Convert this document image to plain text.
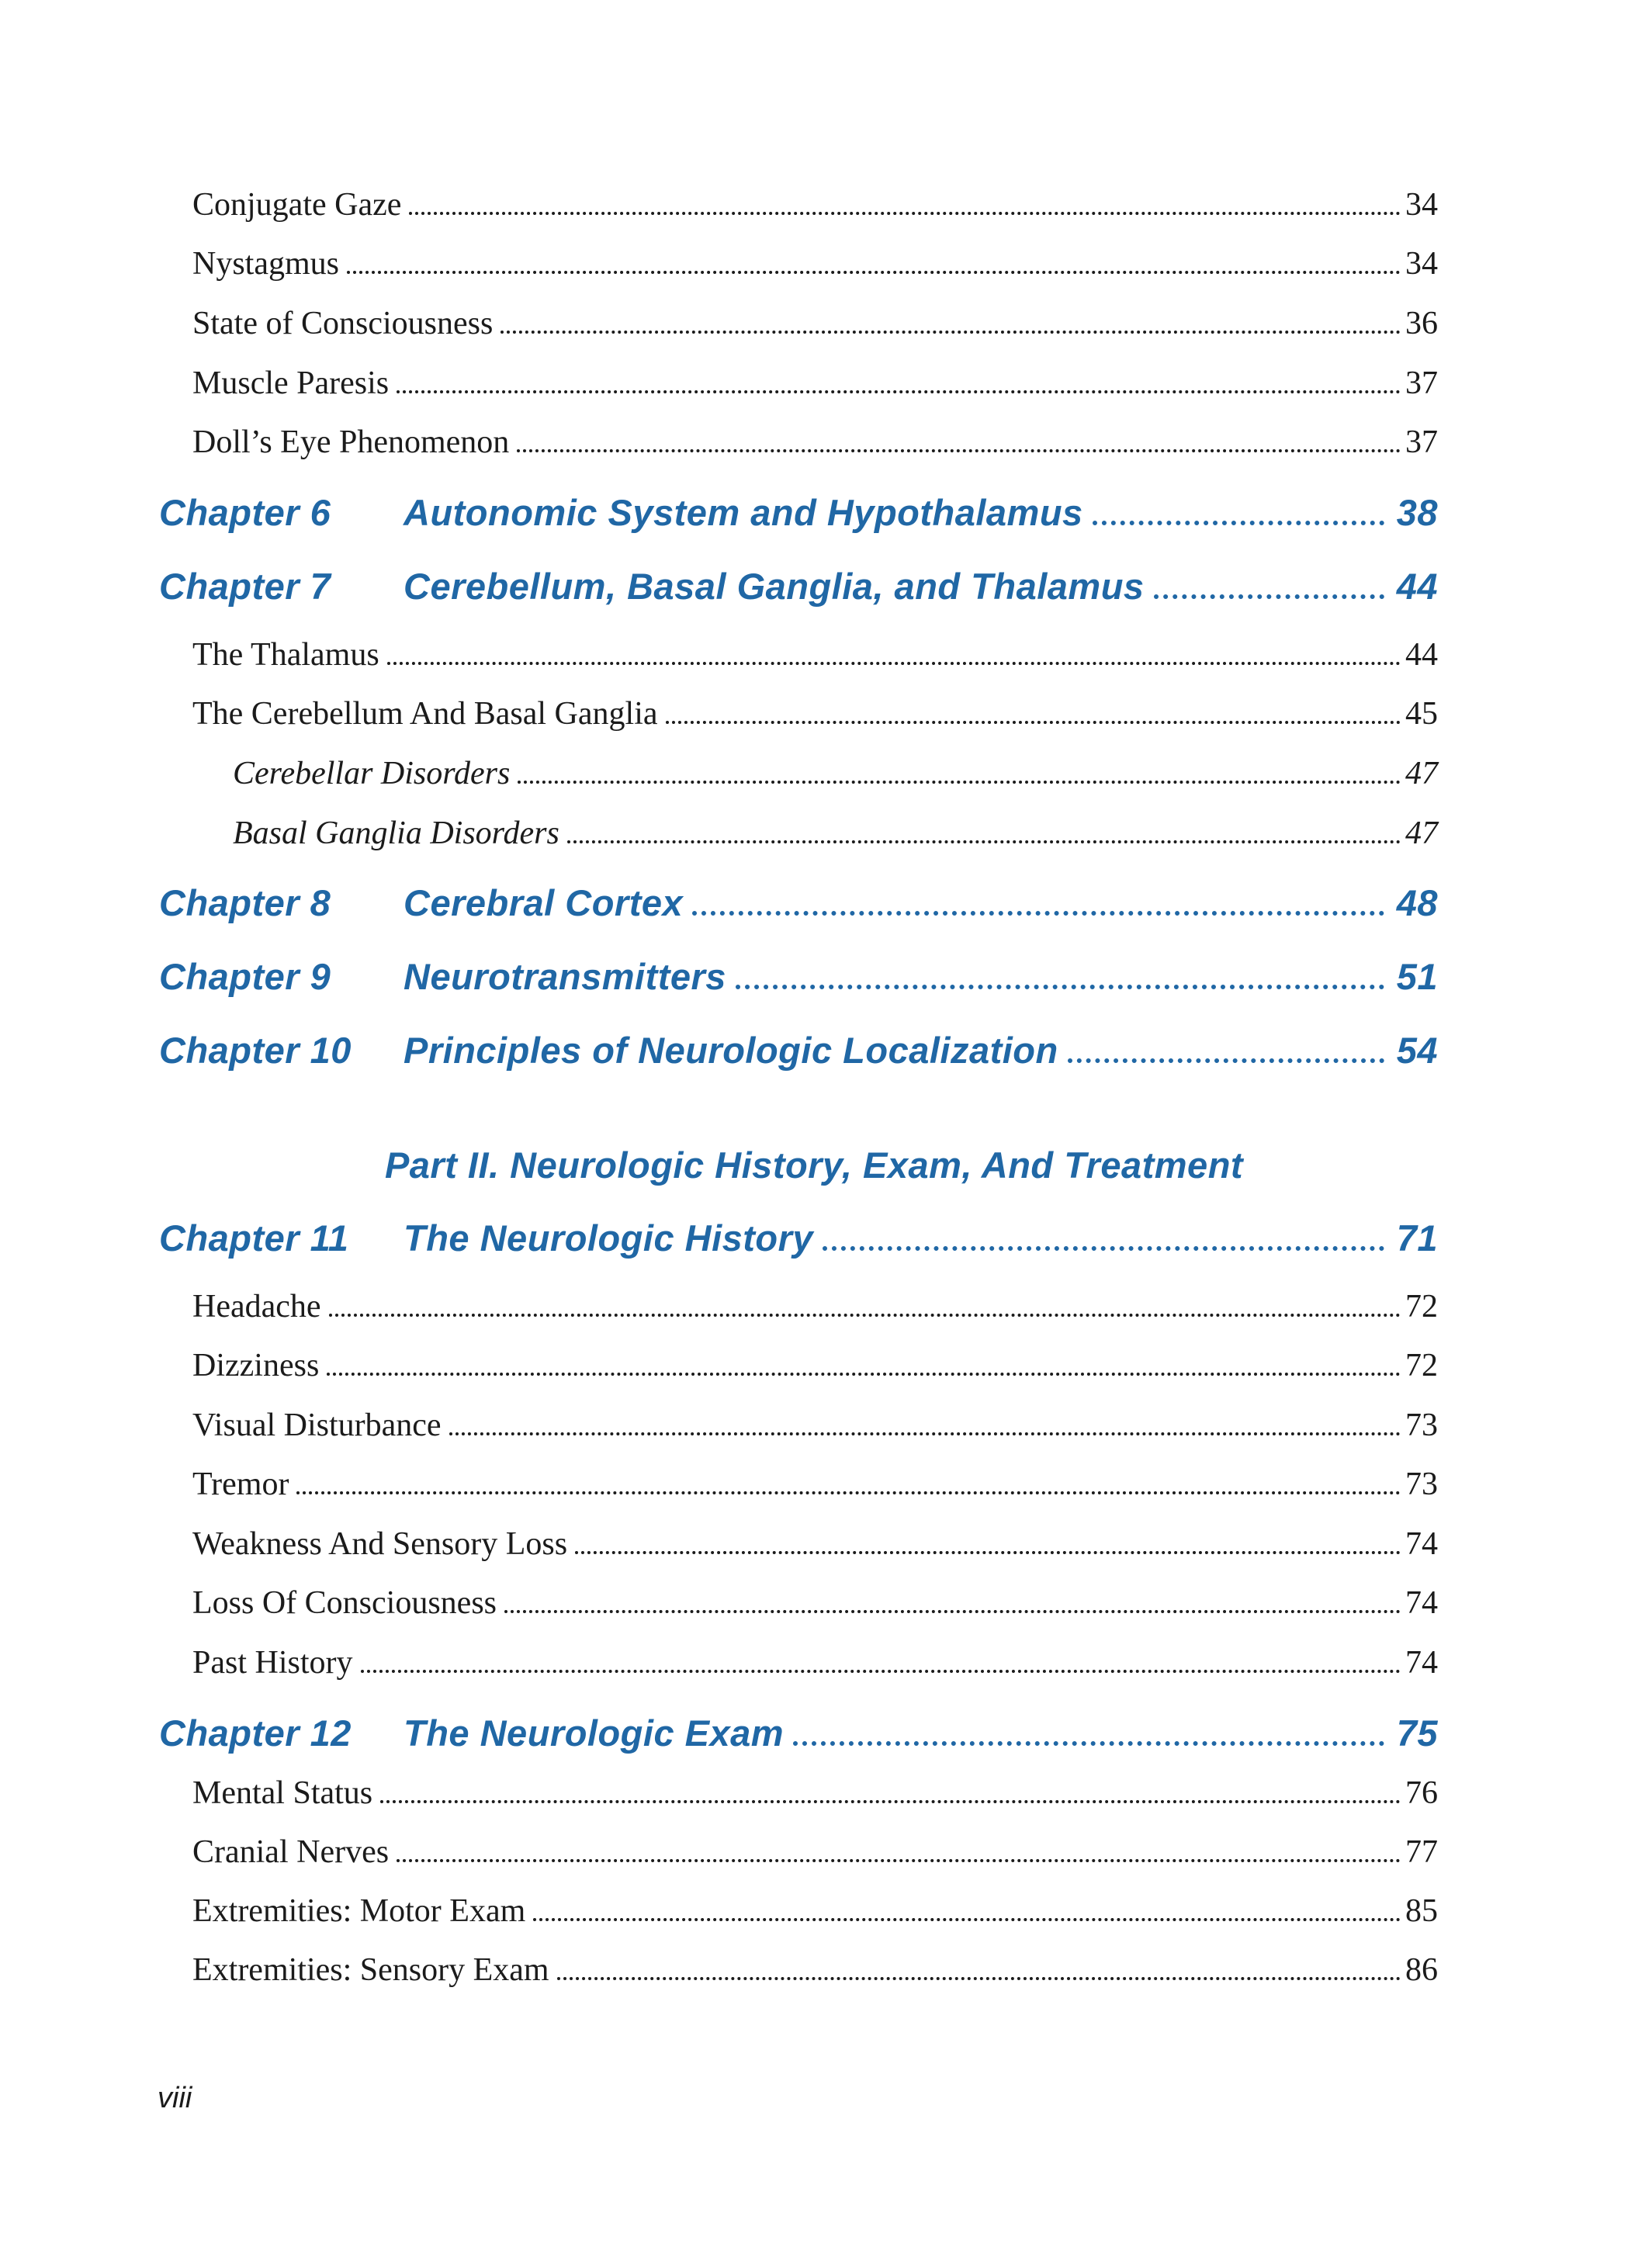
Conjugate Gaze	34
Nystagmus	34
State of Consciousness	36
Muscle Paresis	37
Doll’s Eye Phenomenon	37
Chapter 6	Autonomic System and Hypothalamus	38
Chapter 7	Cerebellum, Basal Ganglia, and Thalamus	44
The Thalamus	44
The Cerebellum And Basal Ganglia	45
Cerebellar Disorders	47
Basal Ganglia Disorders	47
Chapter 8	Cerebral Cortex	48
Chapter 9	Neurotransmitters	51
Chapter 10	Principles of Neurologic Localization	54
Part II. Neurologic History, Exam, And Treatment
Chapter 11	The Neurologic History	71
Headache	72
Dizziness	72
Visual Disturbance	73
Tremor	73
Weakness And Sensory Loss	74
Loss Of Consciousness	74
Past History	74
Chapter 12	The Neurologic Exam	75
Mental Status	76
Cranial Nerves	77
Extremities: Motor Exam	85
Extremities: Sensory Exam	86
viii
